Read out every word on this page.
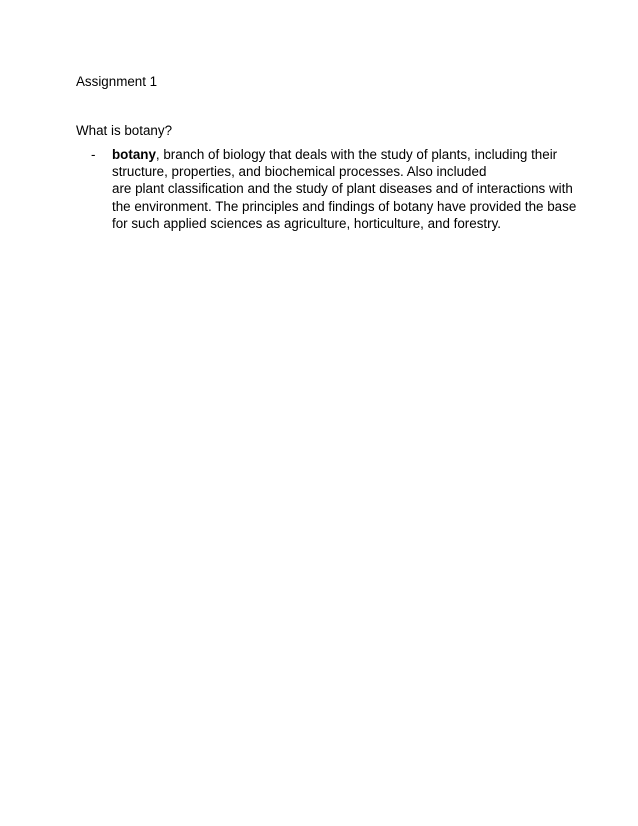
Assignment 1
What is botany?
- botany, branch of biology that deals with the study of plants, including their
structure, properties, and biochemical processes. Also included
are plant classification and the study of plant diseases and of interactions with
the environment. The principles and findings of botany have provided the base
for such applied sciences as agriculture, horticulture, and forestry.
